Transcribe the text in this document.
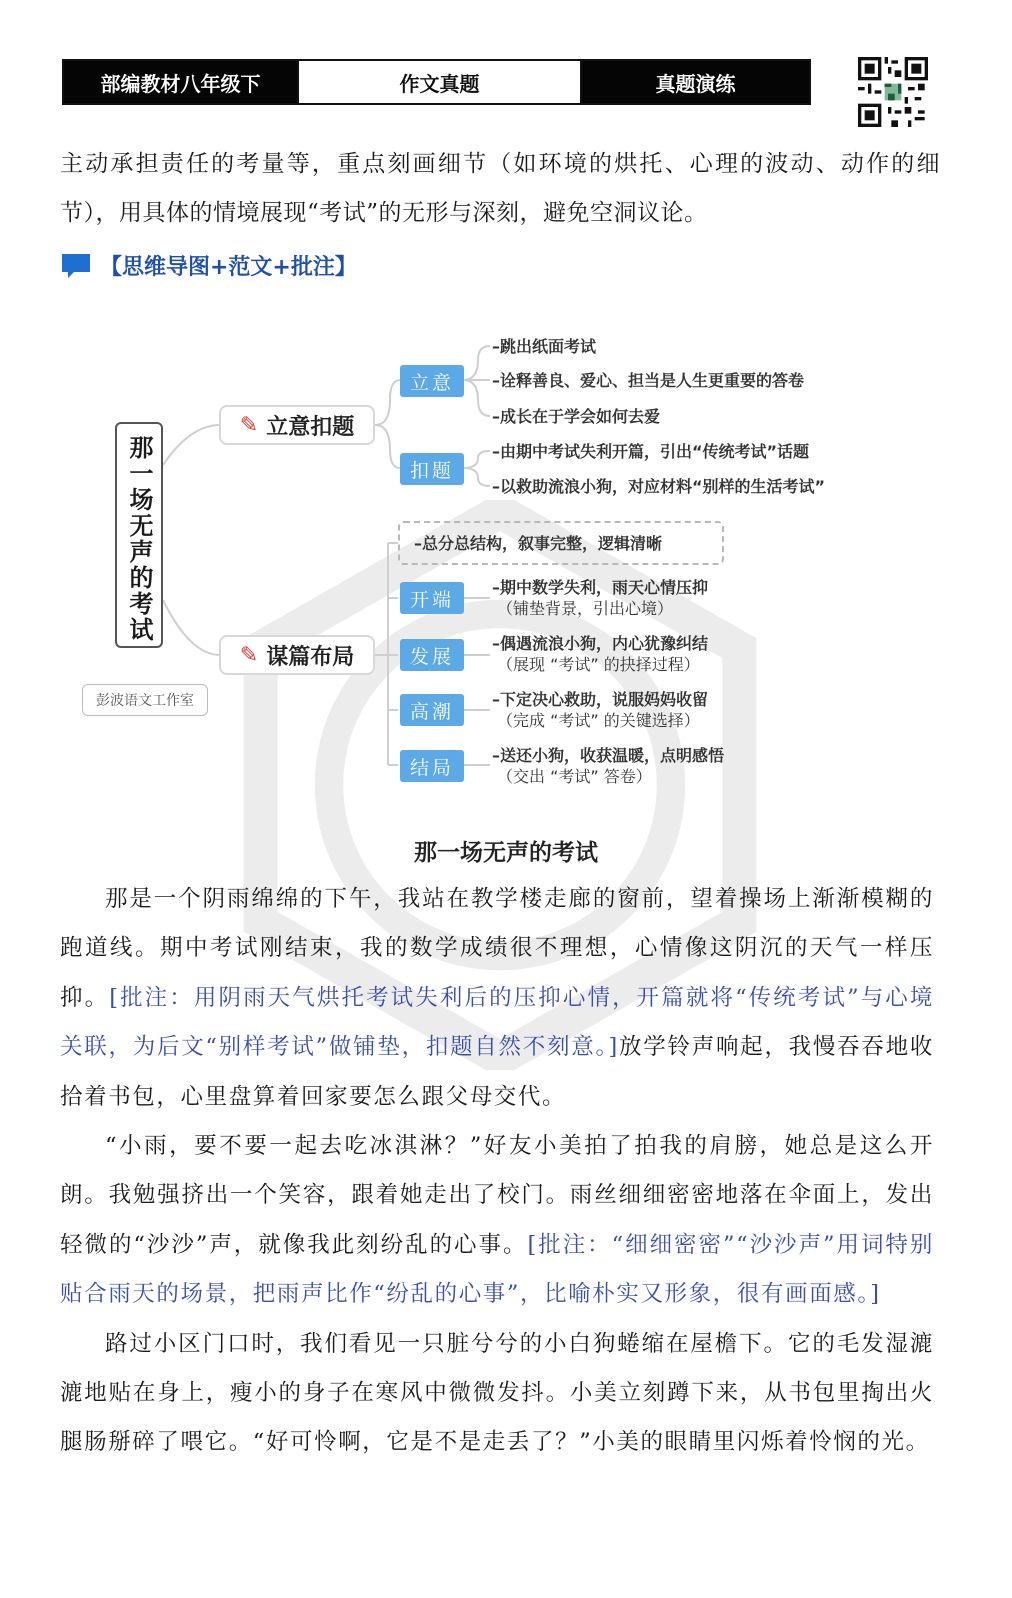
部编教材八年级下	作文真题	真题演练
主动承担责任的考量等，重点刻画细节（如环境的烘托、心理的波动、动作的细节），用具体的情境展现“考试”的无形与深刻，避免空洞议论。
【思维导图+范文+批注】
那一场无声的考试
彭波语文工作室
✎ 立意扣题
立意
–跳出纸面考试
–诠释善良、爱心、担当是人生更重要的答卷
–成长在于学会如何去爱
扣题
–由期中考试失利开篇，引出“传统考试”话题
–以救助流浪小狗，对应材料“别样的生活考试”
✎ 谋篇布局
–总分总结构，叙事完整，逻辑清晰
开端
–期中数学失利，雨天心情压抑
（铺垫背景，引出心境）
发展
–偶遇流浪小狗，内心犹豫纠结
（展现 “考试” 的抉择过程）
高潮
–下定决心救助，说服妈妈收留
（完成 “考试” 的关键选择）
结局
–送还小狗，收获温暖，点明感悟
（交出 “考试” 答卷）
那一场无声的考试

那是一个阴雨绵绵的下午，我站在教学楼走廊的窗前，望着操场上渐渐模糊的跑道线。期中考试刚结束，我的数学成绩很不理想，心情像这阴沉的天气一样压抑。[批注：用阴雨天气烘托考试失利后的压抑心情，开篇就将“传统考试”与心境关联，为后文“别样考试”做铺垫，扣题自然不刻意。]放学铃声响起，我慢吞吞地收拾着书包，心里盘算着回家要怎么跟父母交代。

“小雨，要不要一起去吃冰淇淋？”好友小美拍了拍我的肩膀，她总是这么开朗。我勉强挤出一个笑容，跟着她走出了校门。雨丝细细密密地落在伞面上，发出轻微的“沙沙”声，就像我此刻纷乱的心事。[批注：“细细密密”“沙沙声”用词特别贴合雨天的场景，把雨声比作“纷乱的心事”，比喻朴实又形象，很有画面感。]

路过小区门口时，我们看见一只脏兮兮的小白狗蜷缩在屋檐下。它的毛发湿漉漉地贴在身上，瘦小的身子在寒风中微微发抖。小美立刻蹲下来，从书包里掏出火腿肠掰碎了喂它。“好可怜啊，它是不是走丢了？”小美的眼睛里闪烁着怜悯的光。
